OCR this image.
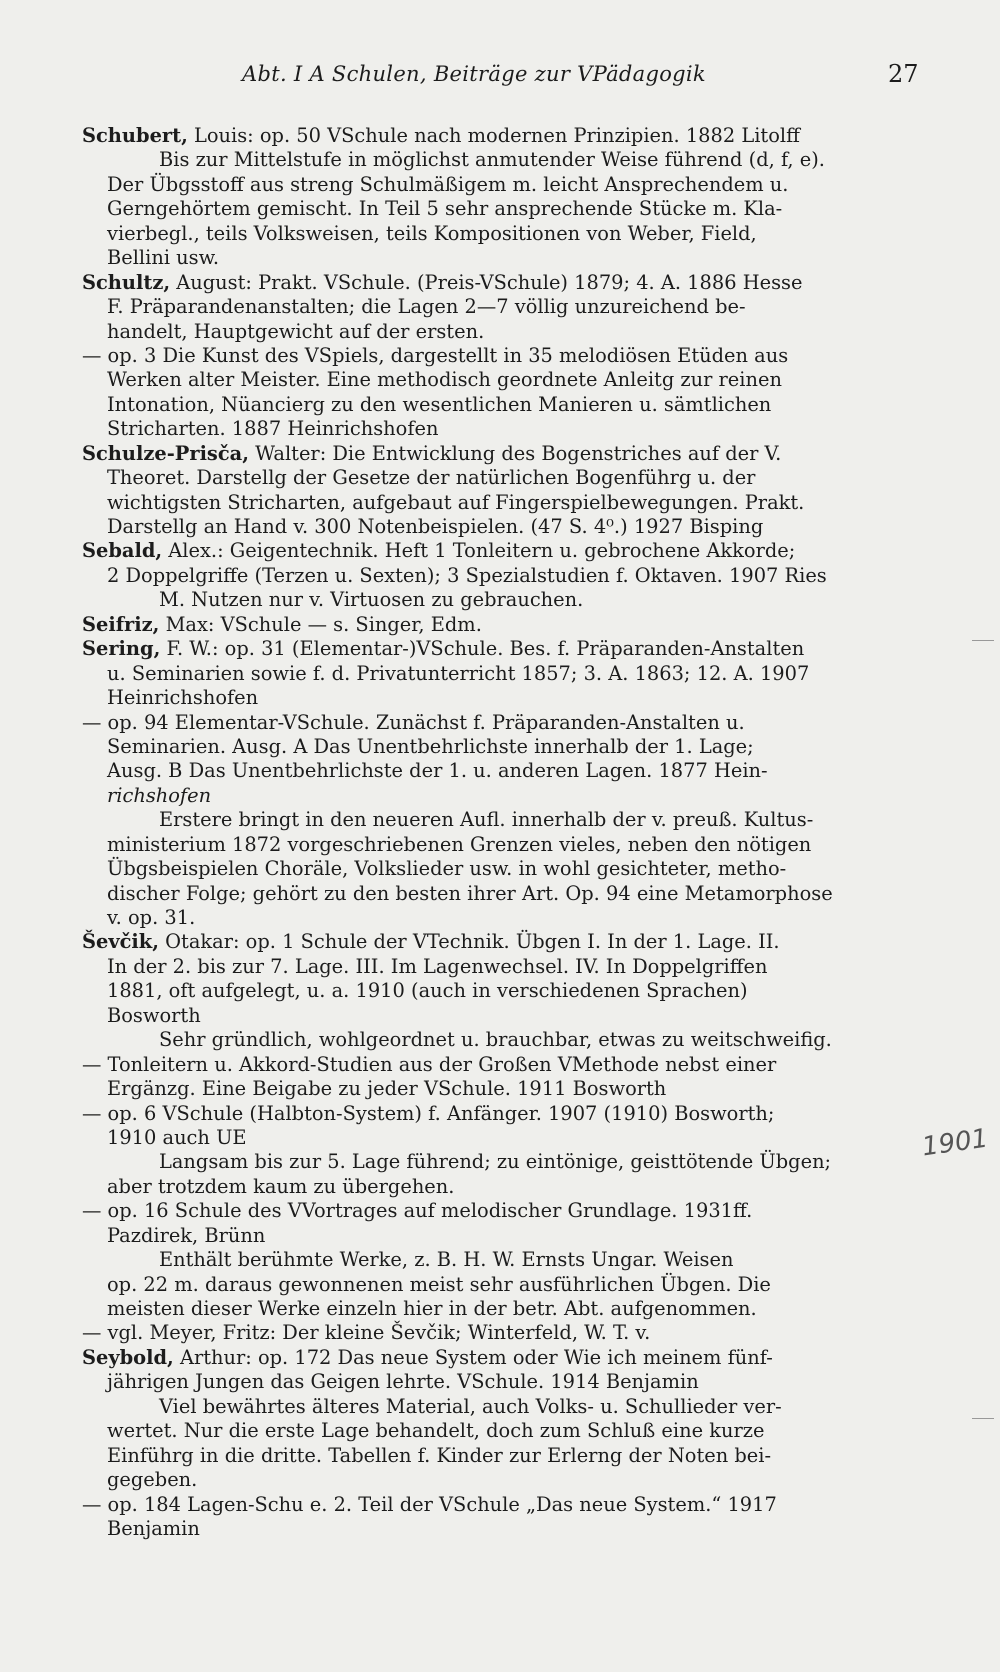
Abt. I A Schulen, Beiträge zur VPädagogik	27
Schubert, Louis: op. 50 VSchule nach modernen Prinzipien. 1882 Litolff
Bis zur Mittelstufe in möglichst anmutender Weise führend (d, f, e).
Der Übgsstoff aus streng Schulmäßigem m. leicht Ansprechendem u.
Gerngehörtem gemischt. In Teil 5 sehr ansprechende Stücke m. Kla-
vierbegl., teils Volksweisen, teils Kompositionen von Weber, Field,
Bellini usw.
Schultz, August: Prakt. VSchule. (Preis-VSchule) 1879; 4. A. 1886 Hesse
F. Präparandenanstalten; die Lagen 2—7 völlig unzureichend be-
handelt, Hauptgewicht auf der ersten.
— op. 3 Die Kunst des VSpiels, dargestellt in 35 melodiösen Etüden aus
Werken alter Meister. Eine methodisch geordnete Anleitg zur reinen
Intonation, Nüancierg zu den wesentlichen Manieren u. sämtlichen
Stricharten. 1887 Heinrichshofen
Schulze-Prisča, Walter: Die Entwicklung des Bogenstriches auf der V.
Theoret. Darstellg der Gesetze der natürlichen Bogenführg u. der
wichtigsten Stricharten, aufgebaut auf Fingerspielbewegungen. Prakt.
Darstellg an Hand v. 300 Notenbeispielen. (47 S. 4⁰.) 1927 Bisping
Sebald, Alex.: Geigentechnik. Heft 1 Tonleitern u. gebrochene Akkorde;
2 Doppelgriffe (Terzen u. Sexten); 3 Spezialstudien f. Oktaven. 1907 Ries
M. Nutzen nur v. Virtuosen zu gebrauchen.
Seifriz, Max: VSchule — s. Singer, Edm.
Sering, F. W.: op. 31 (Elementar-)VSchule. Bes. f. Präparanden-Anstalten
u. Seminarien sowie f. d. Privatunterricht 1857; 3. A. 1863; 12. A. 1907
Heinrichshofen
— op. 94 Elementar-VSchule. Zunächst f. Präparanden-Anstalten u.
Seminarien. Ausg. A Das Unentbehrlichste innerhalb der 1. Lage;
Ausg. B Das Unentbehrlichste der 1. u. anderen Lagen. 1877 Hein-
richshofen
Erstere bringt in den neueren Aufl. innerhalb der v. preuß. Kultus-
ministerium 1872 vorgeschriebenen Grenzen vieles, neben den nötigen
Übgsbeispielen Choräle, Volkslieder usw. in wohl gesichteter, metho-
discher Folge; gehört zu den besten ihrer Art. Op. 94 eine Metamorphose
v. op. 31.
Ševčik, Otakar: op. 1 Schule der VTechnik. Übgen I. In der 1. Lage. II.
In der 2. bis zur 7. Lage. III. Im Lagenwechsel. IV. In Doppelgriffen
1881, oft aufgelegt, u. a. 1910 (auch in verschiedenen Sprachen)
Bosworth
Sehr gründlich, wohlgeordnet u. brauchbar, etwas zu weitschweifig.
— Tonleitern u. Akkord-Studien aus der Großen VMethode nebst einer
Ergänzg. Eine Beigabe zu jeder VSchule. 1911 Bosworth
— op. 6 VSchule (Halbton-System) f. Anfänger. 1907 (1910) Bosworth;
1910 auch UE
Langsam bis zur 5. Lage führend; zu eintönige, geisttötende Übgen;
aber trotzdem kaum zu übergehen.
— op. 16 Schule des VVortrages auf melodischer Grundlage. 1931ff.
Pazdirek, Brünn
Enthält berühmte Werke, z. B. H. W. Ernsts Ungar. Weisen
op. 22 m. daraus gewonnenen meist sehr ausführlichen Übgen. Die
meisten dieser Werke einzeln hier in der betr. Abt. aufgenommen.
— vgl. Meyer, Fritz: Der kleine Ševčik; Winterfeld, W. T. v.
Seybold, Arthur: op. 172 Das neue System oder Wie ich meinem fünf-
jährigen Jungen das Geigen lehrte. VSchule. 1914 Benjamin
Viel bewährtes älteres Material, auch Volks- u. Schullieder ver-
wertet. Nur die erste Lage behandelt, doch zum Schluß eine kurze
Einführg in die dritte. Tabellen f. Kinder zur Erlerng der Noten bei-
gegeben.
— op. 184 Lagen-Schu e. 2. Teil der VSchule „Das neue System.“ 1917
Benjamin
1901
